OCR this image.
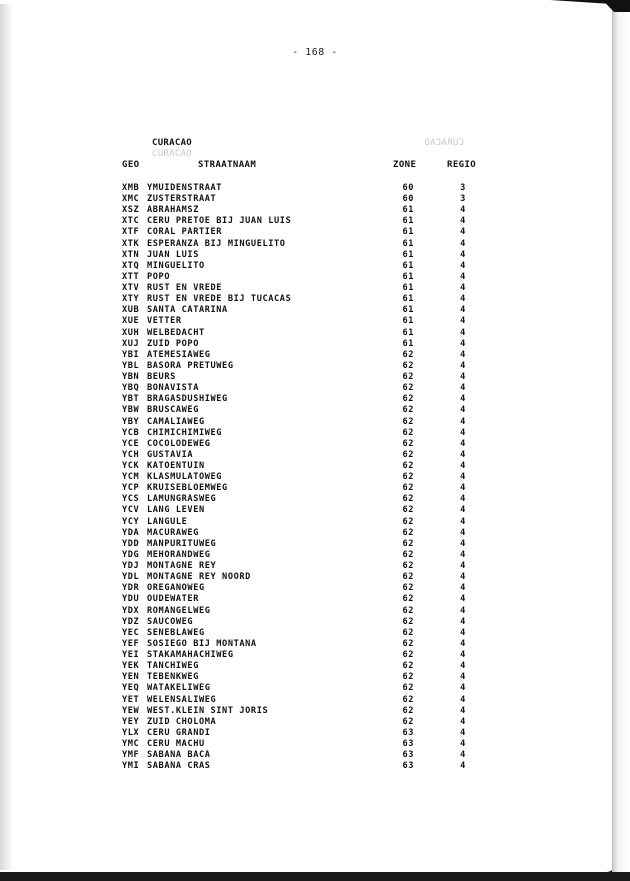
- 168 -
CURACAO
CURACAO
CURACAO
GEO	STRAATNAAM	ZONE	REGIO
XMB YMUIDENSTRAAT	60	3
XMC ZUSTERSTRAAT	60	3
XSZ ABRAHAMSZ	61	4
XTC CERU PRETOE BIJ JUAN LUIS	61	4
XTF CORAL PARTIER	61	4
XTK ESPERANZA BIJ MINGUELITO	61	4
XTN JUAN LUIS	61	4
XTQ MINGUELITO	61	4
XTT POPO	61	4
XTV RUST EN VREDE	61	4
XTY RUST EN VREDE BIJ TUCACAS	61	4
XUB SANTA CATARINA	61	4
XUE VETTER	61	4
XUH WELBEDACHT	61	4
XUJ ZUID POPO	61	4
YBI ATEMESIAWEG	62	4
YBL BASORA PRETUWEG	62	4
YBN BEURS	62	4
YBQ BONAVISTA	62	4
YBT BRAGASDUSHIWEG	62	4
YBW BRUSCAWEG	62	4
YBY CAMALIAWEG	62	4
YCB CHIMICHIMIWEG	62	4
YCE COCOLODEWEG	62	4
YCH GUSTAVIA	62	4
YCK KATOENTUIN	62	4
YCM KLASMULATOWEG	62	4
YCP KRUISEBLOEMWEG	62	4
YCS LAMUNGRASWEG	62	4
YCV LANG LEVEN	62	4
YCY LANGULE	62	4
YDA MACURAWEG	62	4
YDD MANPURITUWEG	62	4
YDG MEHORANDWEG	62	4
YDJ MONTAGNE REY	62	4
YDL MONTAGNE REY NOORD	62	4
YDR OREGANOWEG	62	4
YDU OUDEWATER	62	4
YDX ROMANGELWEG	62	4
YDZ SAUCOWEG	62	4
YEC SENEBLAWEG	62	4
YEF SOSIEGO BIJ MONTANA	62	4
YEI STAKAMAHACHIWEG	62	4
YEK TANCHIWEG	62	4
YEN TEBENKWEG	62	4
YEQ WATAKELIWEG	62	4
YET WELENSALIWEG	62	4
YEW WEST.KLEIN SINT JORIS	62	4
YEY ZUID CHOLOMA	62	4
YLX CERU GRANDI	63	4
YMC CERU MACHU	63	4
YMF SABANA BACA	63	4
YMI SABANA CRAS	63	4
